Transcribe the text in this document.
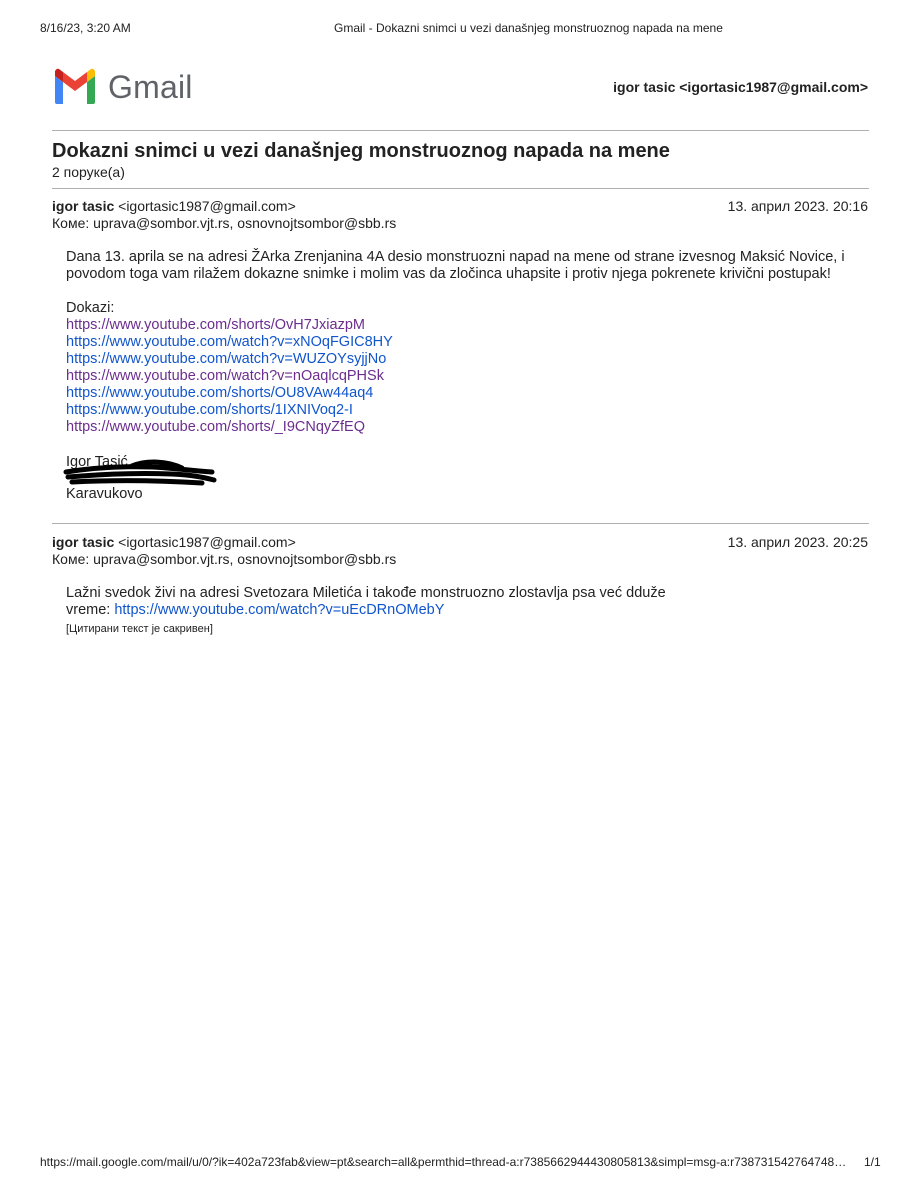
8/16/23, 3:20 AM	Gmail - Dokazni snimci u vezi današnjeg monstruoznog napada na mene
Gmail	igor tasic <igortasic1987@gmail.com>
Dokazni snimci u vezi današnjeg monstruoznog napada na mene
2 поруке(а)
igor tasic <igortasic1987@gmail.com>	13. април 2023. 20:16
Коме: uprava@sombor.vjt.rs, osnovnojtsombor@sbb.rs
Dana 13. aprila se na adresi ŽArka Zrenjanina 4A desio monstruozni napad na mene od strane izvesnog Maksić Novice, i povodom toga vam rilažem dokazne snimke i molim vas da zločinca uhapsite i protiv njega pokrenete krivični postupak!
Dokazi:
https://www.youtube.com/shorts/OvH7JxiazpM
https://www.youtube.com/watch?v=xNOqFGIC8HY
https://www.youtube.com/watch?v=WUZOYsyjjNo
https://www.youtube.com/watch?v=nOaqlcqPHSk
https://www.youtube.com/shorts/OU8VAw44aq4
https://www.youtube.com/shorts/1IXNIVoq2-I
https://www.youtube.com/shorts/_I9CNqyZfEQ
Igor Tasić
Karavukovo
igor tasic <igortasic1987@gmail.com>	13. април 2023. 20:25
Коме: uprava@sombor.vjt.rs, osnovnojtsombor@sbb.rs
Lažni svedok živi na adresi Svetozara Miletića i takođe monstruozno zlostavlja psa već dduže
vreme: https://www.youtube.com/watch?v=uEcDRnOMebY
[Цитирани текст је сакривен]
https://mail.google.com/mail/u/0/?ik=402a723fab&view=pt&search=all&permthid=thread-a:r7385662944430805813&simpl=msg-a:r738731542764748… 1/1
